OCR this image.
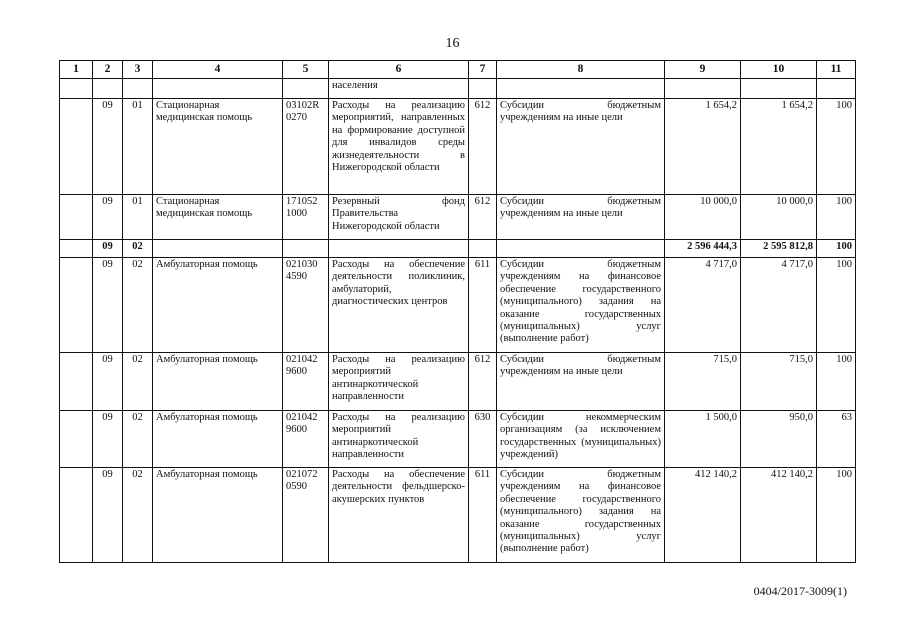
16
1	2	3	4	5	6	7	8	9	10	11
					населения					
	09	01	Стационарная медицинская помощь	03102R 0270	Расходы на реализацию мероприятий, направленных на формирование доступной для инвалидов среды жизнедеятельности в Нижегородской области	612	Субсидии бюджетным учреждениям на иные цели	1 654,2	1 654,2	100
	09	01	Стационарная медицинская помощь	171052 1000	Резервный фонд Правительства Нижегородской области	612	Субсидии бюджетным учреждениям на иные цели	10 000,0	10 000,0	100
	09	02						2 596 444,3	2 595 812,8	100
	09	02	Амбулаторная помощь	021030 4590	Расходы на обеспечение деятельности поликлиник, амбулаторий, диагностических центров	611	Субсидии бюджетным учреждениям на финансовое обеспечение государственного (муниципального) задания на оказание государственных (муниципальных) услуг (выполнение работ)	4 717,0	4 717,0	100
	09	02	Амбулаторная помощь	021042 9600	Расходы на реализацию мероприятий антинаркотической направленности	612	Субсидии бюджетным учреждениям на иные цели	715,0	715,0	100
	09	02	Амбулаторная помощь	021042 9600	Расходы на реализацию мероприятий антинаркотической направленности	630	Субсидии некоммерческим организациям (за исключением государственных (муниципальных) учреждений)	1 500,0	950,0	63
	09	02	Амбулаторная помощь	021072 0590	Расходы на обеспечение деятельности фельдшерско-акушерских пунктов	611	Субсидии бюджетным учреждениям на финансовое обеспечение государственного (муниципального) задания на оказание государственных (муниципальных) услуг (выполнение работ)	412 140,2	412 140,2	100
0404/2017-3009(1)
